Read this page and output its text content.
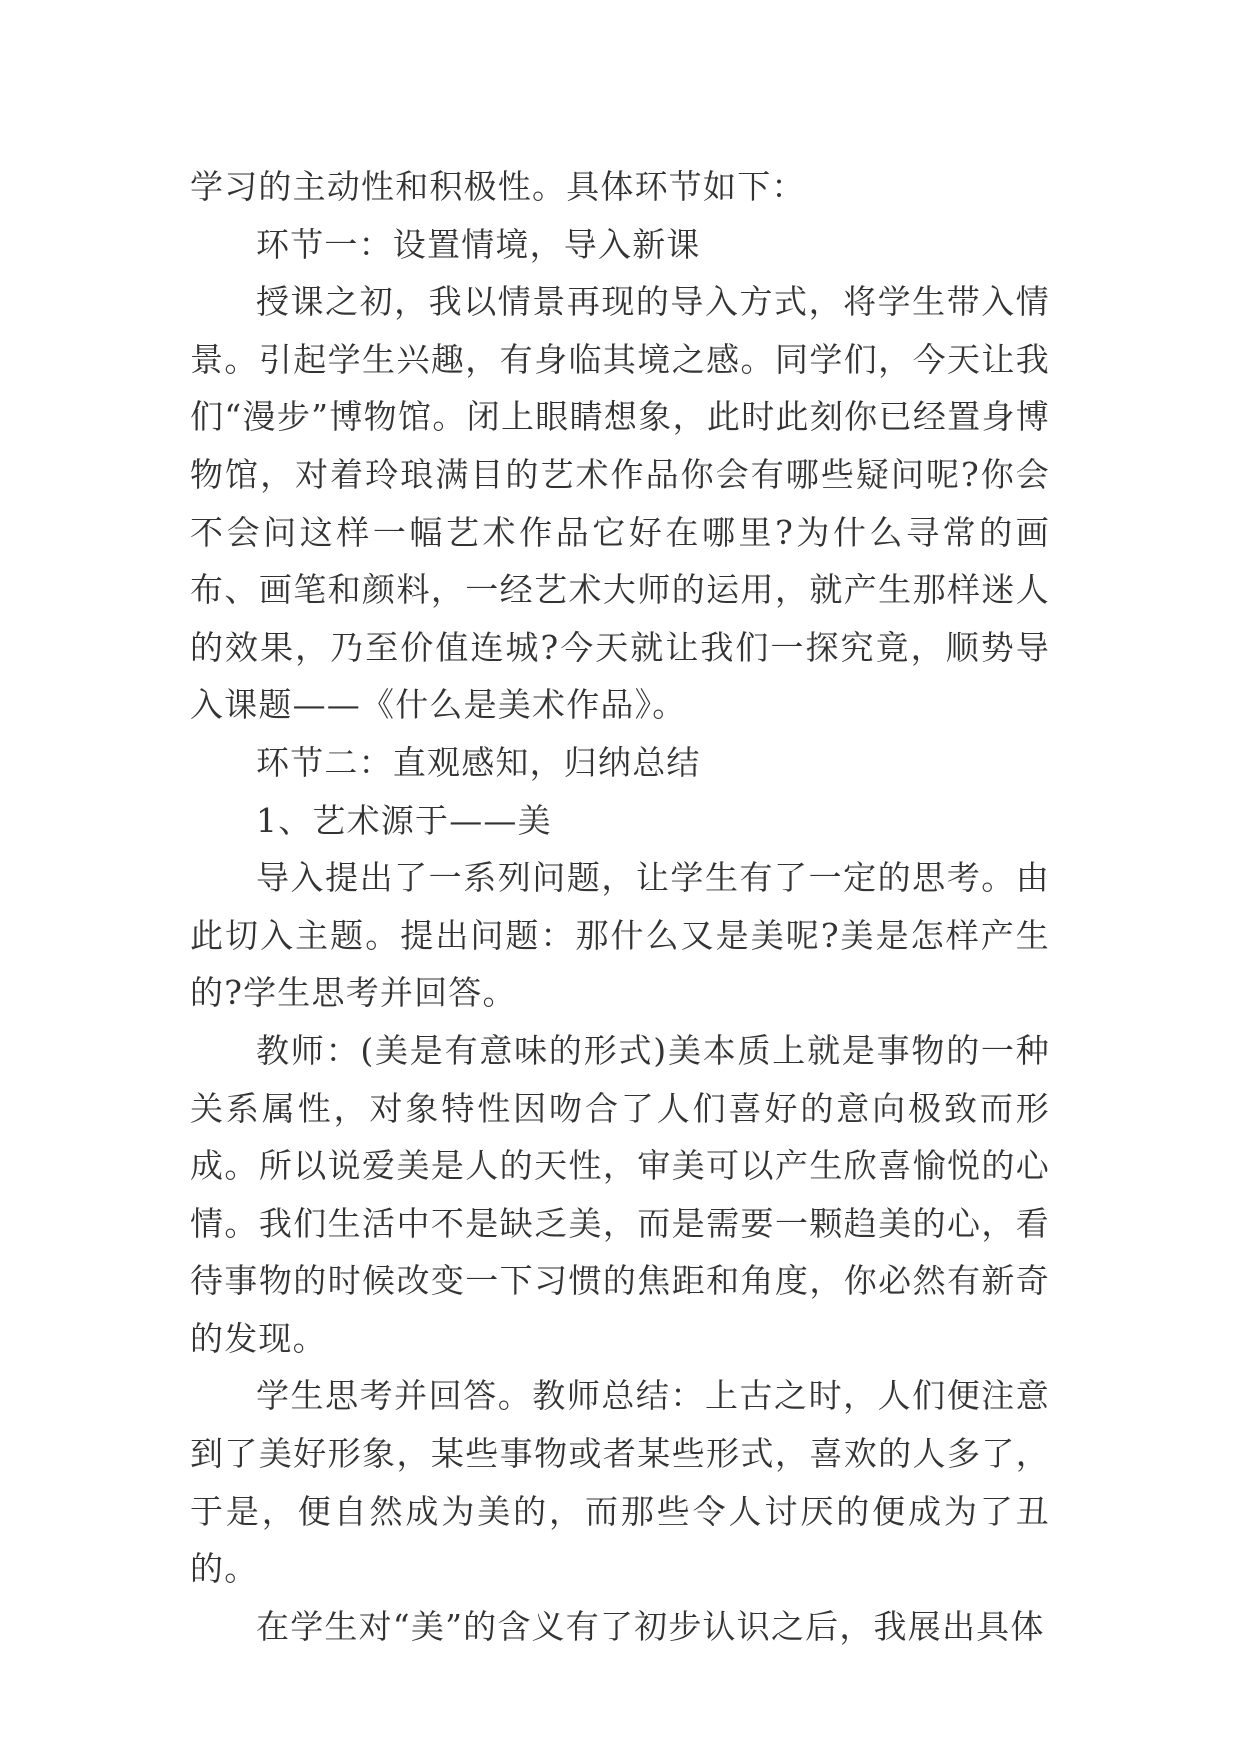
学习的主动性和积极性。具体环节如下：

环节一：设置情境，导入新课

授课之初，我以情景再现的导入方式，将学生带入情景。引起学生兴趣，有身临其境之感。同学们，今天让我们“漫步”博物馆。闭上眼睛想象，此时此刻你已经置身博物馆，对着玲琅满目的艺术作品你会有哪些疑问呢?你会不会问这样一幅艺术作品它好在哪里?为什么寻常的画布、画笔和颜料，一经艺术大师的运用，就产生那样迷人的效果，乃至价值连城?今天就让我们一探究竟，顺势导入课题——《什么是美术作品》。

环节二：直观感知，归纳总结

1、艺术源于——美

导入提出了一系列问题，让学生有了一定的思考。由此切入主题。提出问题：那什么又是美呢?美是怎样产生的?学生思考并回答。

教师：(美是有意味的形式)美本质上就是事物的一种关系属性，对象特性因吻合了人们喜好的意向极致而形成。所以说爱美是人的天性，审美可以产生欣喜愉悦的心情。我们生活中不是缺乏美，而是需要一颗趋美的心，看待事物的时候改变一下习惯的焦距和角度，你必然有新奇的发现。

学生思考并回答。教师总结：上古之时，人们便注意到了美好形象，某些事物或者某些形式，喜欢的人多了，于是，便自然成为美的，而那些令人讨厌的便成为了丑的。

在学生对“美”的含义有了初步认识之后，我展出具体
